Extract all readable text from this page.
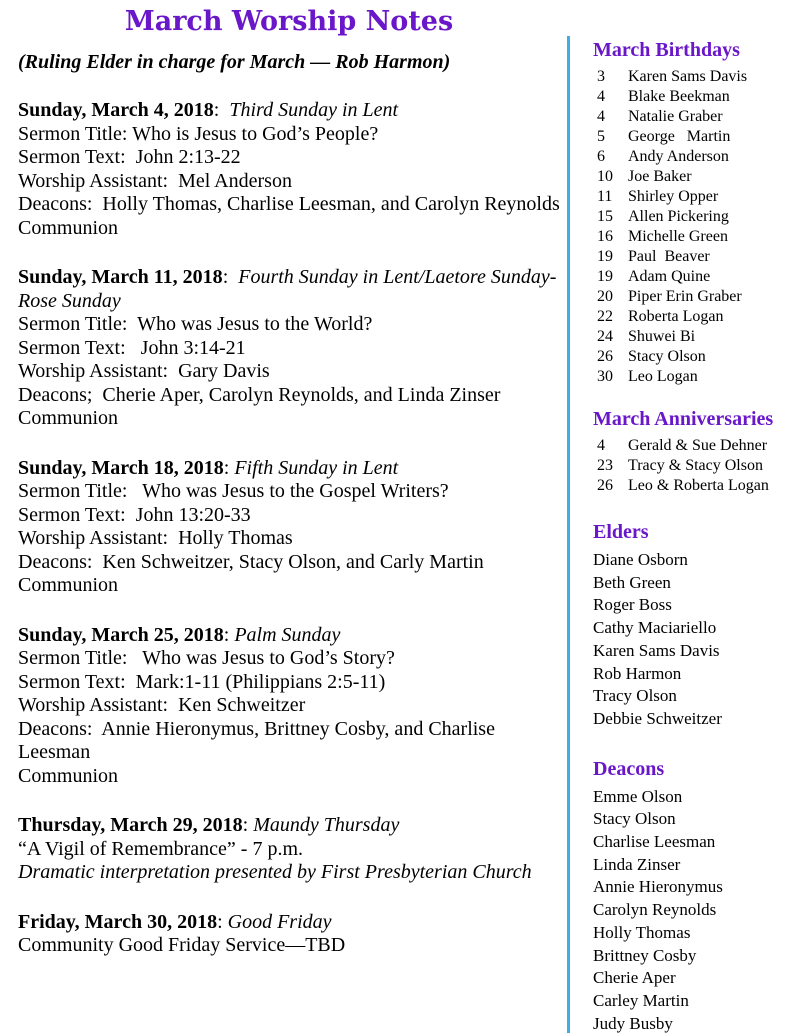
March Worship Notes

(Ruling Elder in charge for March — Rob Harmon)

Sunday, March 4, 2018:  Third Sunday in Lent
Sermon Title: Who is Jesus to God’s People?
Sermon Text:  John 2:13-22
Worship Assistant:  Mel Anderson
Deacons:  Holly Thomas, Charlise Leesman, and Carolyn Reynolds
Communion
Sunday, March 11, 2018:  Fourth Sunday in Lent/Laetore Sunday-Rose Sunday
Sermon Title:  Who was Jesus to the World?
Sermon Text:   John 3:14-21
Worship Assistant:  Gary Davis
Deacons;  Cherie Aper, Carolyn Reynolds, and Linda Zinser
Communion
Sunday, March 18, 2018: Fifth Sunday in Lent
Sermon Title:   Who was Jesus to the Gospel Writers?
Sermon Text:  John 13:20-33
Worship Assistant:  Holly Thomas
Deacons:  Ken Schweitzer, Stacy Olson, and Carly Martin
Communion
Sunday, March 25, 2018: Palm Sunday
Sermon Title:   Who was Jesus to God’s Story?
Sermon Text:  Mark:1-11 (Philippians 2:5-11)
Worship Assistant:  Ken Schweitzer
Deacons:  Annie Hieronymus, Brittney Cosby, and Charlise Leesman
Communion
Thursday, March 29, 2018: Maundy Thursday
“A Vigil of Remembrance” - 7 p.m.
Dramatic interpretation presented by First Presbyterian Church
Friday, March 30, 2018: Good Friday
Community Good Friday Service—TBD
March Birthdays
3	Karen Sams Davis
4	Blake Beekman
4	Natalie Graber
5	George   Martin
6	Andy Anderson
10 Joe Baker
11 Shirley Opper
15 Allen Pickering
16 Michelle Green
19 Paul  Beaver
19 Adam Quine
20 Piper Erin Graber
22 Roberta Logan
24 Shuwei Bi
26 Stacy Olson
30 Leo Logan
March Anniversaries
4	Gerald & Sue Dehner
23 Tracy & Stacy Olson
26 Leo & Roberta Logan
Elders
Diane Osborn
Beth Green
Roger Boss
Cathy Maciariello
Karen Sams Davis
Rob Harmon
Tracy Olson
Debbie Schweitzer
Deacons
Emme Olson
Stacy Olson
Charlise Leesman
Linda Zinser
Annie Hieronymus
Carolyn Reynolds
Holly Thomas
Brittney Cosby
Cherie Aper
Carley Martin
Judy Busby
